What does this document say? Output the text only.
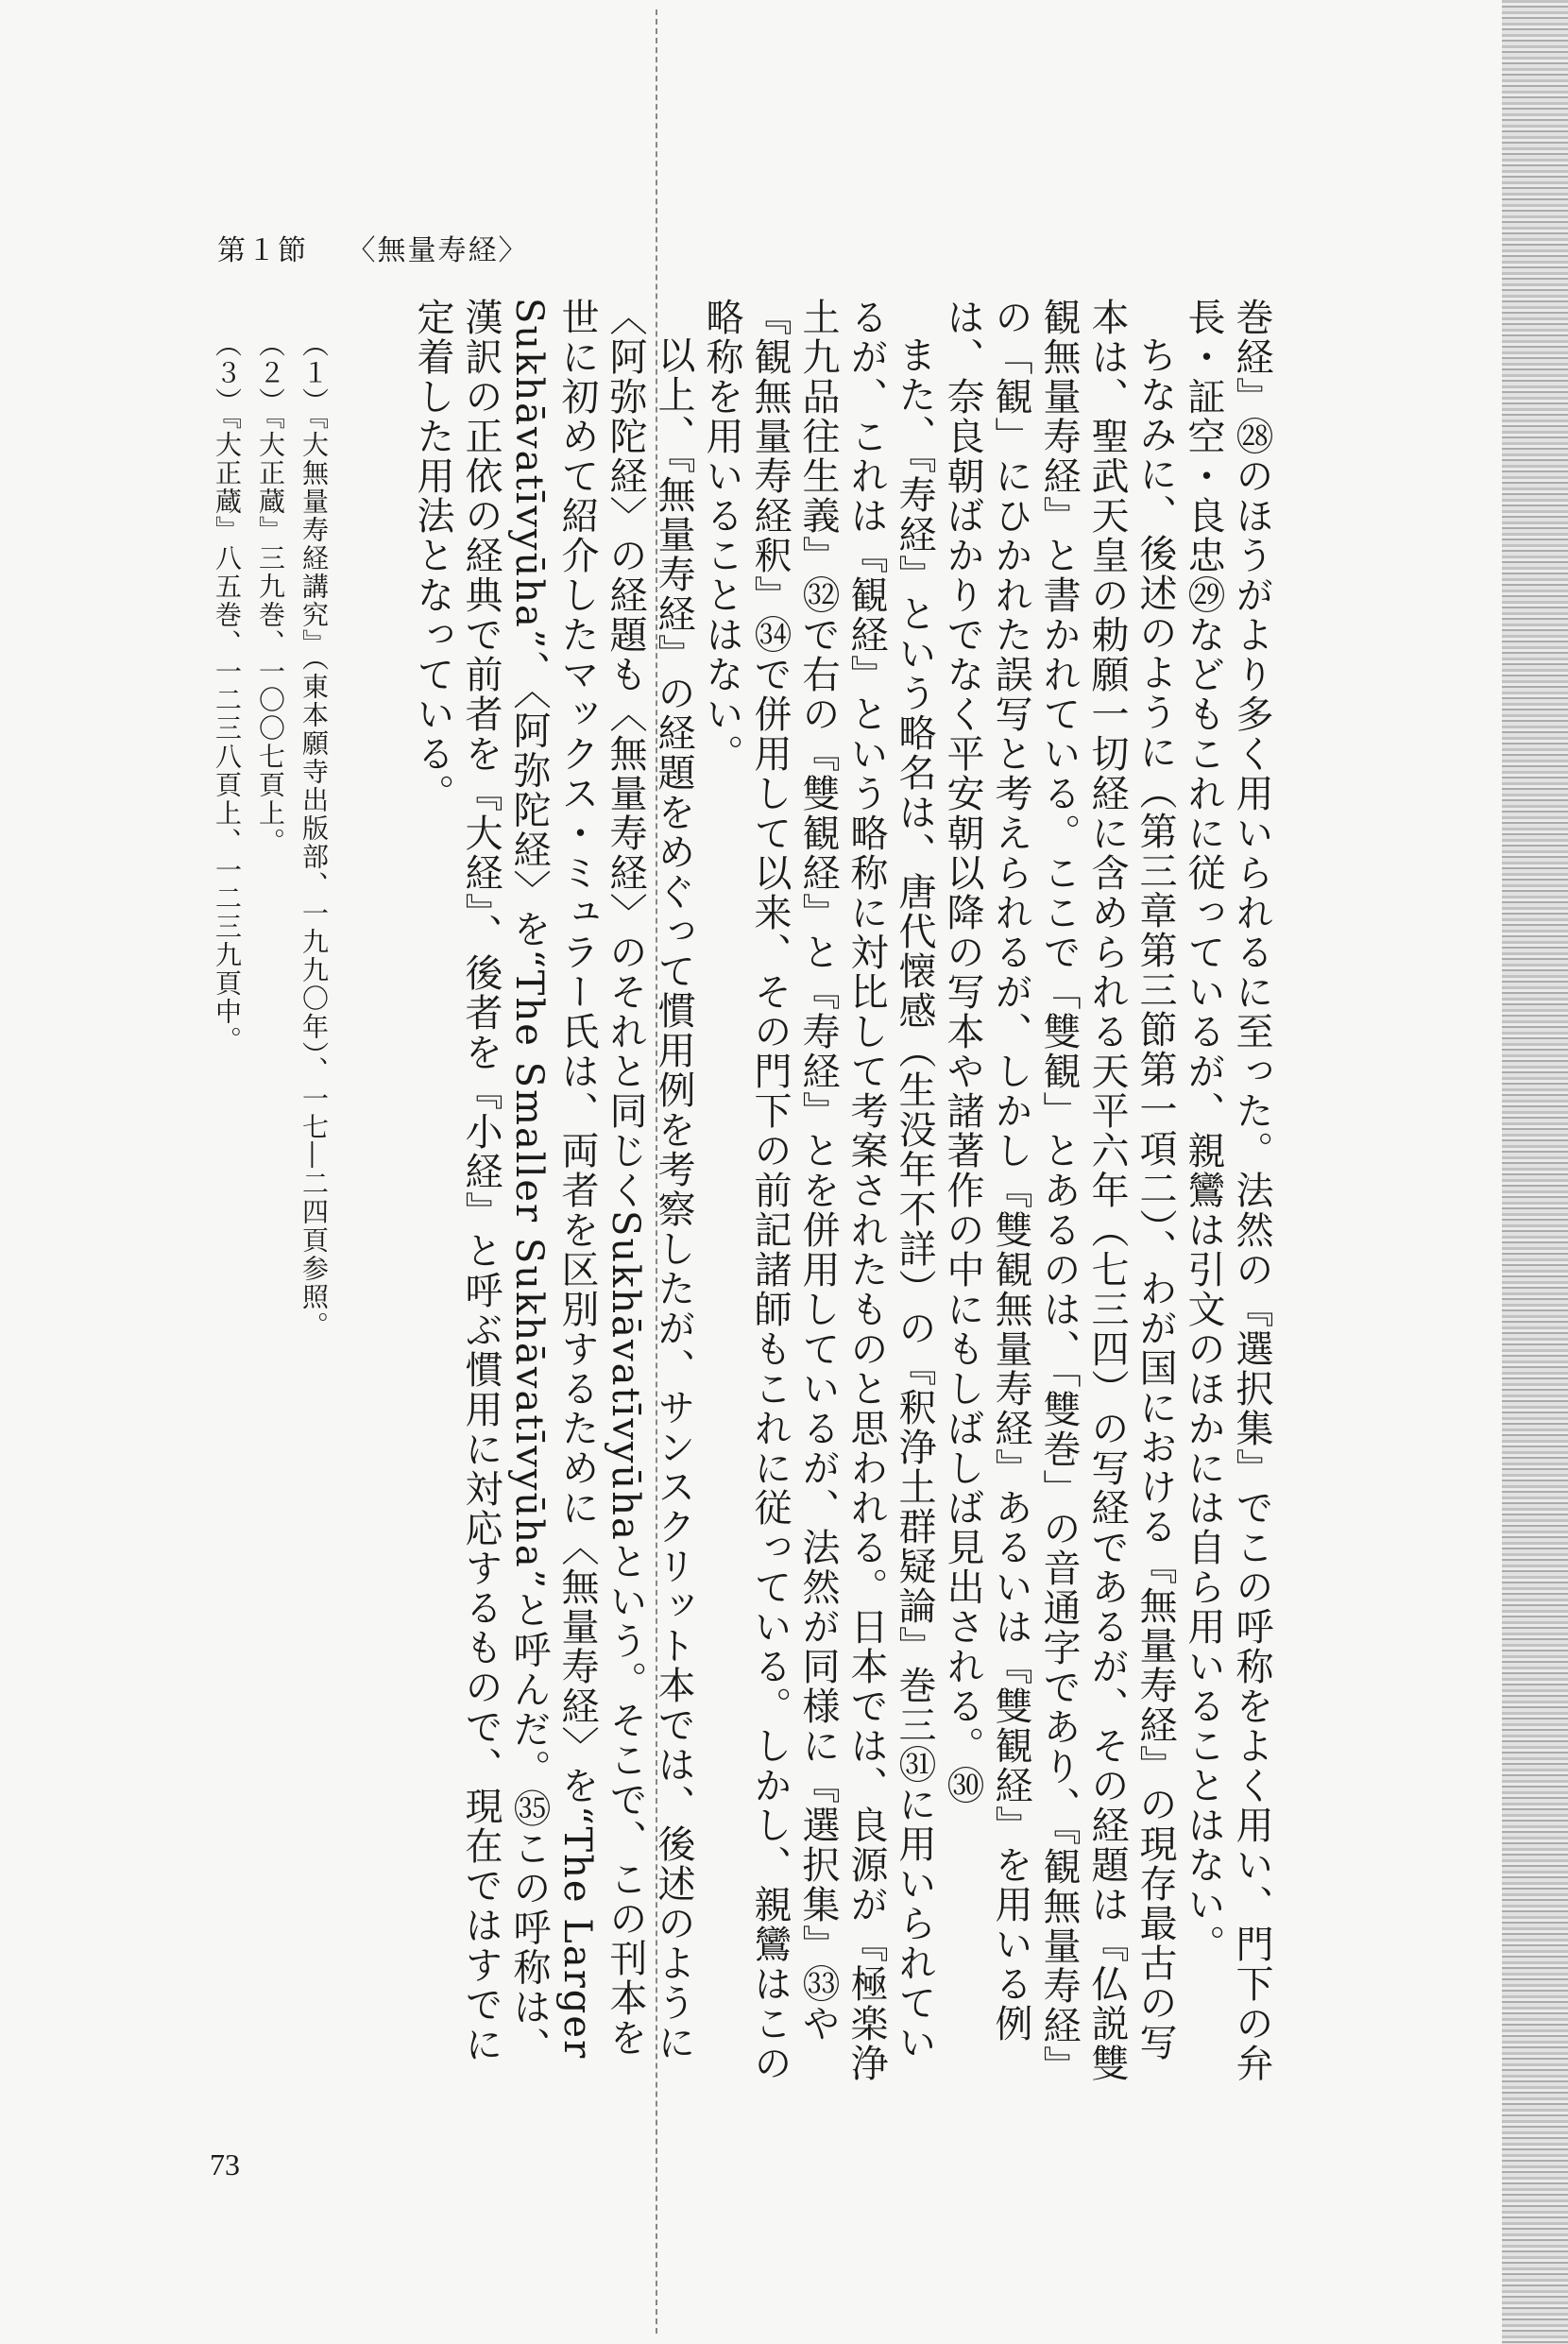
第１節 〈無量寿経〉

巻経』㉘のほうがより多く用いられるに至った。法然の『選択集』でこの呼称をよく用い、門下の弁長・証空・良忠㉙などもこれに従っているが、親鸞は引文のほかには自ら用いることはない。

ちなみに、後述のように（第三章第三節第一項二）、わが国における『無量寿経』の現存最古の写本は、聖武天皇の勅願一切経に含められる天平六年（七三四）の写経であるが、その経題は『仏説雙観無量寿経』と書かれている。ここで「雙観」とあるのは、「雙巻」の音通字であり、『観無量寿経』の「観」にひかれた誤写と考えられるが、しかし『雙観無量寿経』あるいは『雙観経』を用いる例は、奈良朝ばかりでなく平安朝以降の写本や諸著作の中にもしばしば見出される。㉚

また、『寿経』という略名は、唐代懐感（生没年不詳）の『釈浄土群疑論』巻三㉛に用いられているが、これは『観経』という略称に対比して考案されたものと思われる。日本では、良源が『極楽浄土九品往生義』㉜で右の『雙観経』と『寿経』とを併用しているが、法然が同様に『選択集』㉝や『観無量寿経釈』㉞で併用して以来、その門下の前記諸師もこれに従っている。しかし、親鸞はこの略称を用いることはない。

以上、『無量寿経』の経題をめぐって慣用例を考察したが、サンスクリット本では、後述のように〈阿弥陀経〉の経題も〈無量寿経〉のそれと同じくSukhāvatīvyūhaという。そこで、この刊本を世に初めて紹介したマックス・ミュラー氏は、両者を区別するために〈無量寿経〉を“The Larger Sukhāvatīvyūha”、〈阿弥陀経〉を“The Smaller Sukhāvatīvyūha”と呼んだ。㉟この呼称は、漢訳の正依の経典で前者を『大経』、後者を『小経』と呼ぶ慣用に対応するもので、現在ではすでに定着した用法となっている。

（１）『大無量寿経講究』（東本願寺出版部、一九九〇年）、一七―二四頁参照。
（２）『大正蔵』三九巻、一〇〇七頁上。
（３）『大正蔵』八五巻、一二三八頁上、一二三九頁中。
73
